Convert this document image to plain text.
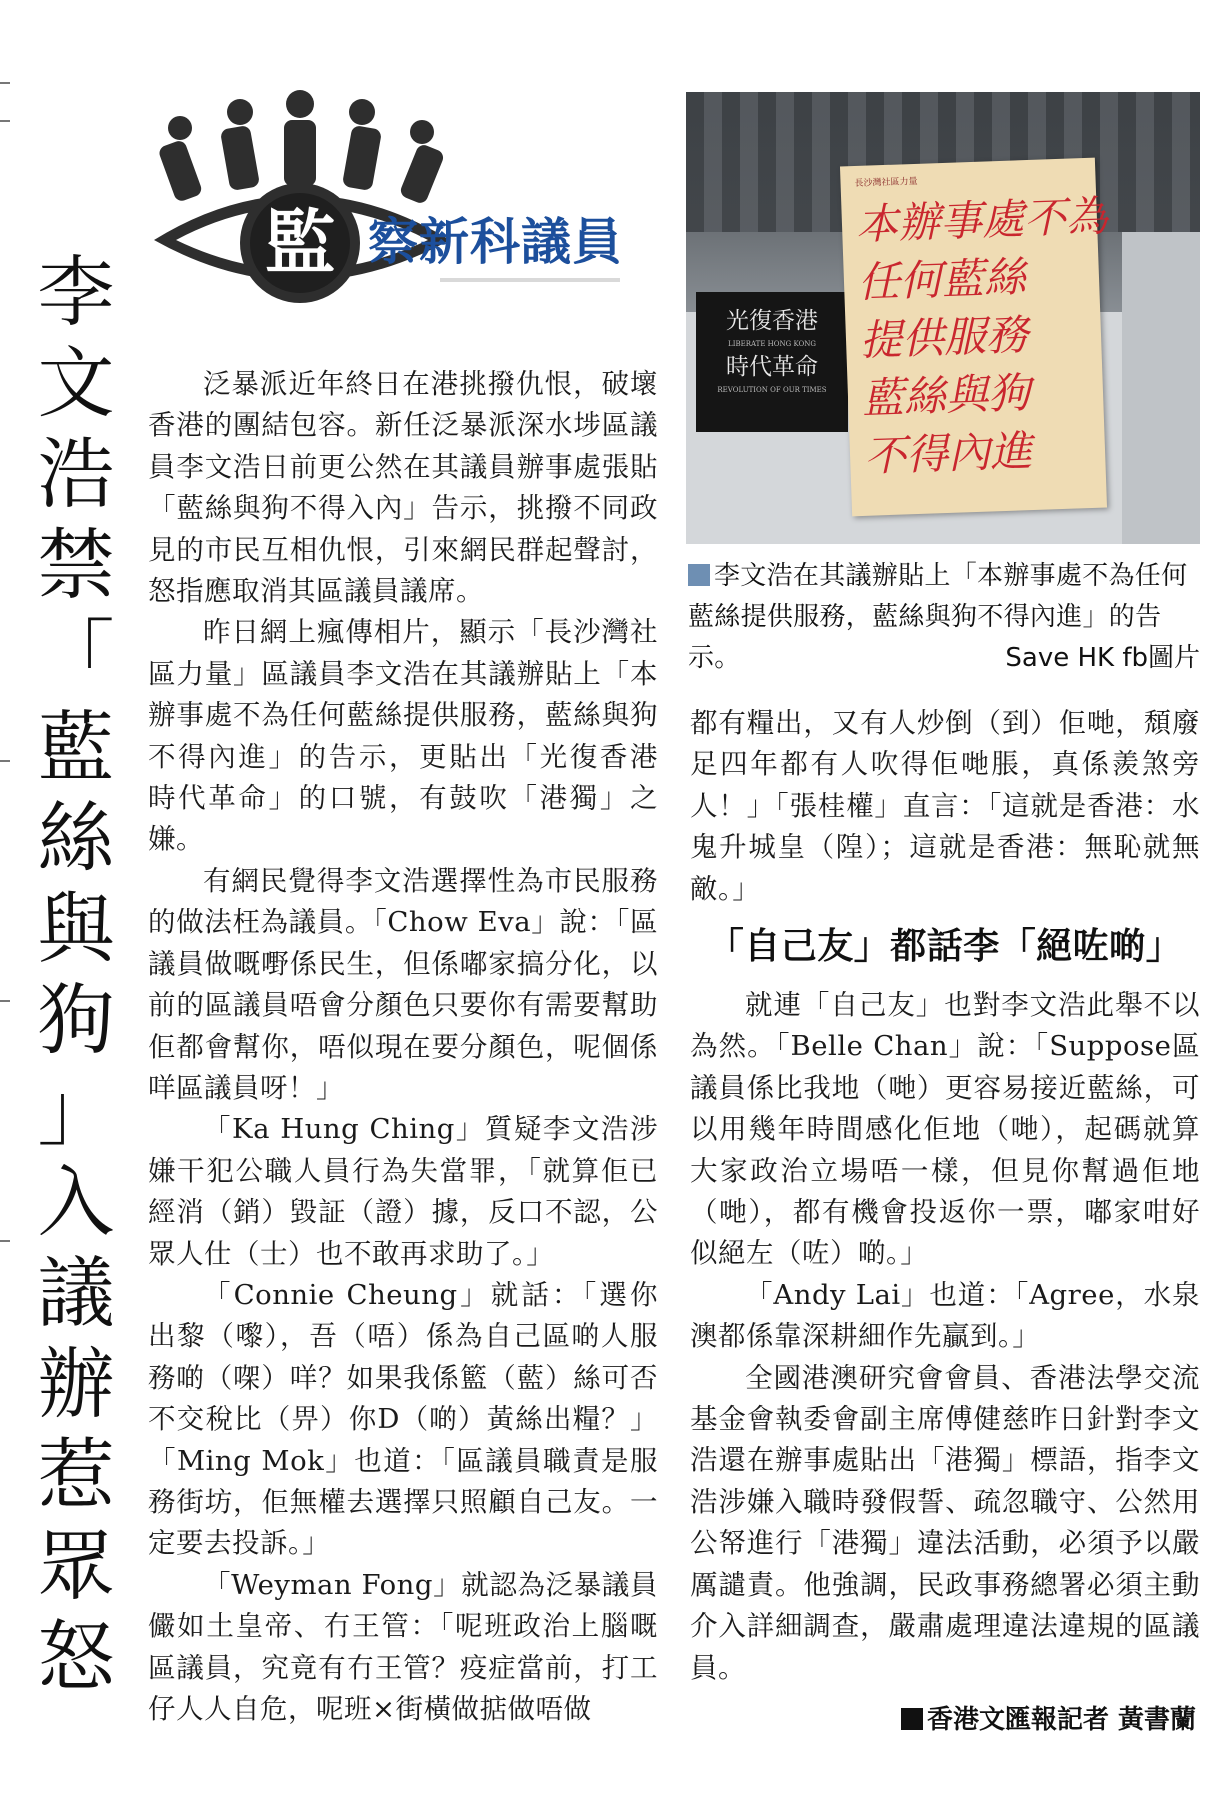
李
文
浩
禁
「
藍
絲
與
狗
」
入
議
辦
惹
眾
怒
監 察新科議員

泛暴派近年終日在港挑撥仇恨，破壞香港的團結包容。新任泛暴派深水埗區議員李文浩日前更公然在其議員辦事處張貼「藍絲與狗不得入內」告示，挑撥不同政見的市民互相仇恨，引來網民群起聲討，怒指應取消其區議員議席。

昨日網上瘋傳相片，顯示「長沙灣社區力量」區議員李文浩在其議辦貼上「本辦事處不為任何藍絲提供服務，藍絲與狗不得內進」的告示，更貼出「光復香港 時代革命」的口號，有鼓吹「港獨」之嫌。

有網民覺得李文浩選擇性為市民服務的做法枉為議員。「Chow Eva」說：「區議員做嘅嘢係民生，但係嘟家搞分化，以前的區議員唔會分顏色只要你有需要幫助佢都會幫你，唔似現在要分顏色，呢個係咩區議員呀！」

「Ka Hung Ching」質疑李文浩涉嫌干犯公職人員行為失當罪，「就算佢已經消（銷）毀証（證）據，反口不認，公眾人仕（士）也不敢再求助了。」

「Connie Cheung」就話：「選你出黎（嚟），吾（唔）係為自己區啲人服務啲（㗎）咩？如果我係籃（藍）絲可否不交稅比（畀）你D（啲）黃絲出糧？」「Ming Mok」也道：「區議員職責是服務街坊，佢無權去選擇只照顧自己友。一定要去投訴。」

「Weyman Fong」就認為泛暴議員儼如土皇帝、冇王管：「呢班政治上腦嘅區議員，究竟有冇王管？疫症當前，打工仔人人自危，呢班×街橫做掂做唔做

光復香港
LIBERATE HONG KONG
時代革命
REVOLUTION OF OUR TIMES
長沙灣社區力量
本辦事處不為
任何藍絲
提供服務
藍絲與狗
不得內進
李文浩在其議辦貼上「本辦事處不為任何藍絲提供服務，藍絲與狗不得內進」的告示。	Save HK fb圖片

都有糧出，又有人炒倒（到）佢哋，頹廢足四年都有人吹得佢哋脹，真係羨煞旁人！」「張桂權」直言：「這就是香港：水鬼升城皇（隍）；這就是香港：無恥就無敵。」

「自己友」都話李「絕咗啲」

就連「自己友」也對李文浩此舉不以為然。「Belle Chan」說：「Suppose區議員係比我地（哋）更容易接近藍絲，可以用幾年時間感化佢地（哋），起碼就算大家政治立場唔一樣，但見你幫過佢地（哋），都有機會投返你一票，嘟家咁好似絕左（咗）啲。」

「Andy Lai」也道：「Agree，水泉澳都係靠深耕細作先贏到。」

全國港澳研究會會員、香港法學交流基金會執委會副主席傅健慈昨日針對李文浩還在辦事處貼出「港獨」標語，指李文浩涉嫌入職時發假誓、疏忽職守、公然用公帑進行「港獨」違法活動，必須予以嚴厲譴責。他強調，民政事務總署必須主動介入詳細調查，嚴肅處理違法違規的區議員。

香港文匯報記者 黃書蘭
